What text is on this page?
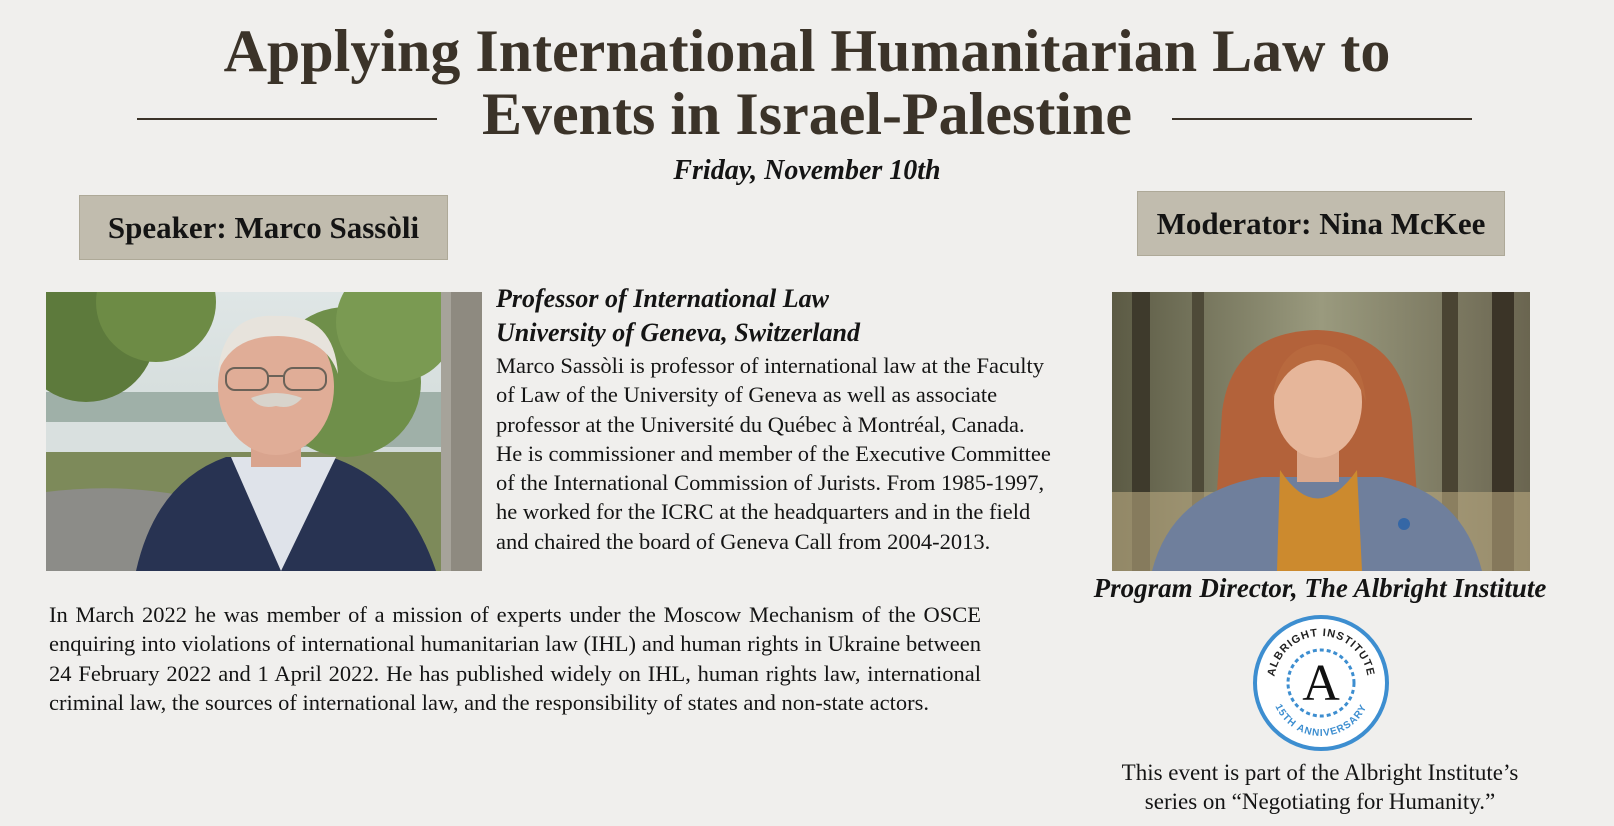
Applying International Humanitarian Law to
Events in Israel-Palestine
Friday, November 10th
Speaker: Marco Sassòli	Moderator: Nina McKee
Professor of International Law
University of Geneva, Switzerland

Marco Sassòli is professor of international law at the Faculty of Law of the University of Geneva as well as associate professor at the Université du Québec à Montréal, Canada. He is commissioner and member of the Executive Committee of the International Commission of Jurists. From 1985-1997, he worked for the ICRC at the headquarters and in the field and chaired the board of Geneva Call from 2004-2013.

In March 2022 he was member of a mission of experts under the Moscow Mechanism of the OSCE enquiring into violations of international humanitarian law (IHL) and human rights in Ukraine between 24 February 2022 and 1 April 2022. He has published widely on IHL, human rights law, international criminal law, the sources of international law, and the responsibility of states and non-state actors.

Program Director, The Albright Institute
ALBRIGHT INSTITUTE
15TH ANNIVERSARY
A

This event is part of the Albright Institute’s
series on “Negotiating for Humanity.”
